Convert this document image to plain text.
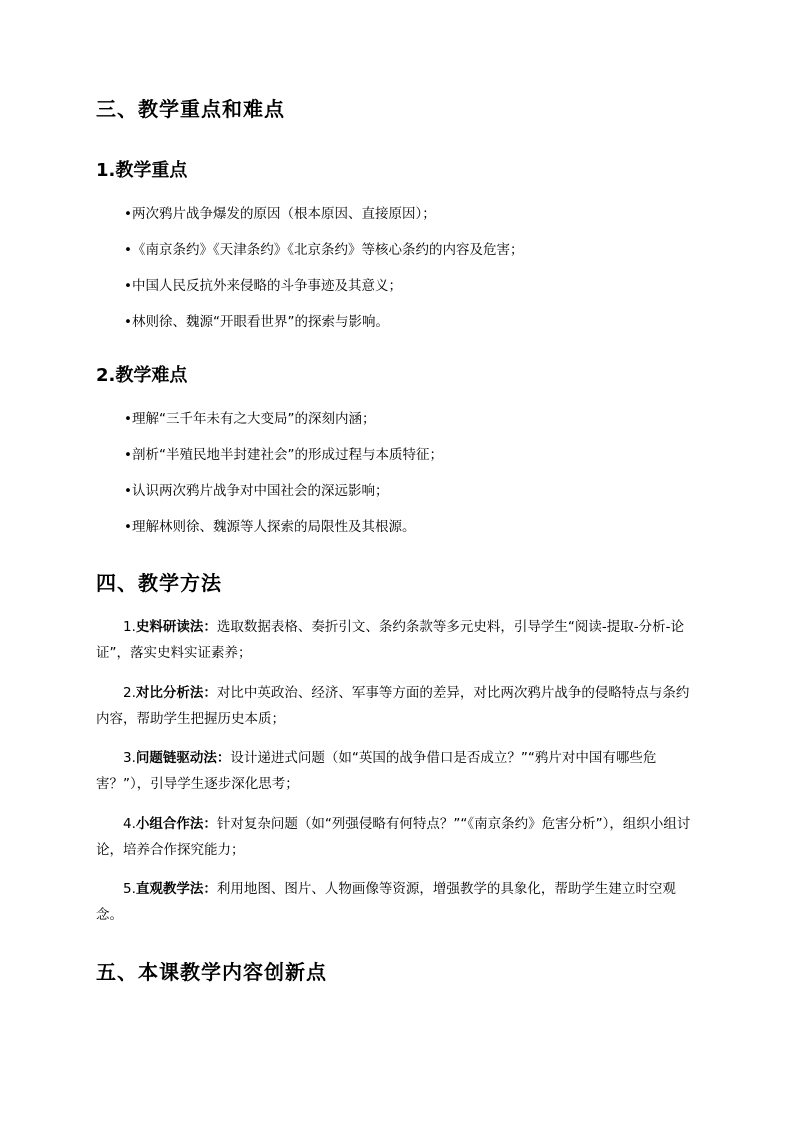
三、教学重点和难点
1.教学重点
•两次鸦片战争爆发的原因（根本原因、直接原因）；
•《南京条约》《天津条约》《北京条约》等核心条约的内容及危害；
•中国人民反抗外来侵略的斗争事迹及其意义；
•林则徐、魏源“开眼看世界”的探索与影响。
2.教学难点
•理解“三千年未有之大变局”的深刻内涵；
•剖析“半殖民地半封建社会”的形成过程与本质特征；
•认识两次鸦片战争对中国社会的深远影响；
•理解林则徐、魏源等人探索的局限性及其根源。
四、教学方法
1.史料研读法：选取数据表格、奏折引文、条约条款等多元史料，引导学生“阅读-提取-分析-论证”，落实史料实证素养；
2.对比分析法：对比中英政治、经济、军事等方面的差异，对比两次鸦片战争的侵略特点与条约内容，帮助学生把握历史本质；
3.问题链驱动法：设计递进式问题（如“英国的战争借口是否成立？”“鸦片对中国有哪些危害？”），引导学生逐步深化思考；
4.小组合作法：针对复杂问题（如“列强侵略有何特点？”“《南京条约》危害分析”），组织小组讨论，培养合作探究能力；
5.直观教学法：利用地图、图片、人物画像等资源，增强教学的具象化，帮助学生建立时空观念。
五、本课教学内容创新点
